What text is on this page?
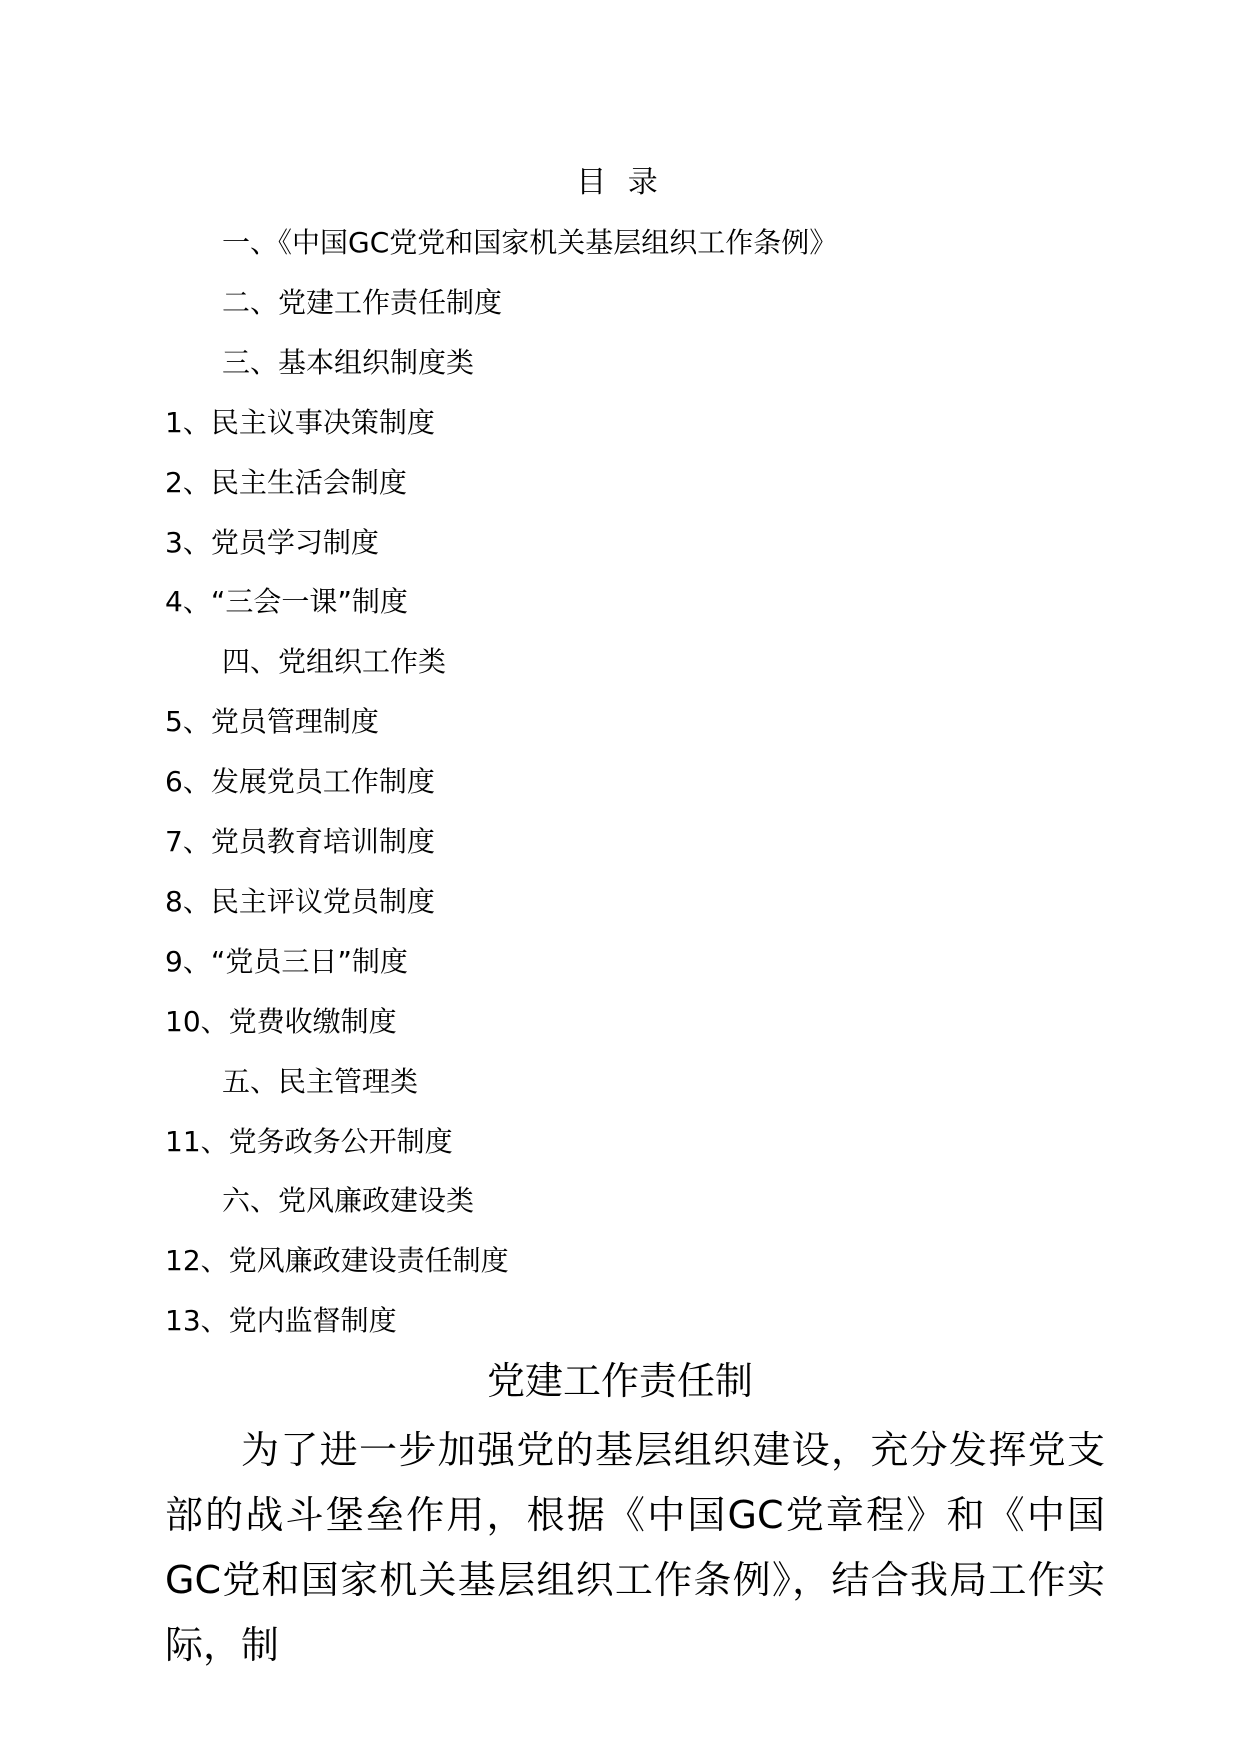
目 录
一、《中国GC党党和国家机关基层组织工作条例》
二、党建工作责任制度
三、基本组织制度类
1、民主议事决策制度
2、民主生活会制度
3、党员学习制度
4、“三会一课”制度
四、党组织工作类
5、党员管理制度
6、发展党员工作制度
7、党员教育培训制度
8、民主评议党员制度
9、“党员三日”制度
10、党费收缴制度
五、民主管理类
11、党务政务公开制度
六、党风廉政建设类
12、党风廉政建设责任制度
13、党内监督制度
党建工作责任制

为了进一步加强党的基层组织建设，充分发挥党支部的战斗堡垒作用，根据《中国GC党章程》和《中国GC党和国家机关基层组织工作条例》，结合我局工作实际，制
